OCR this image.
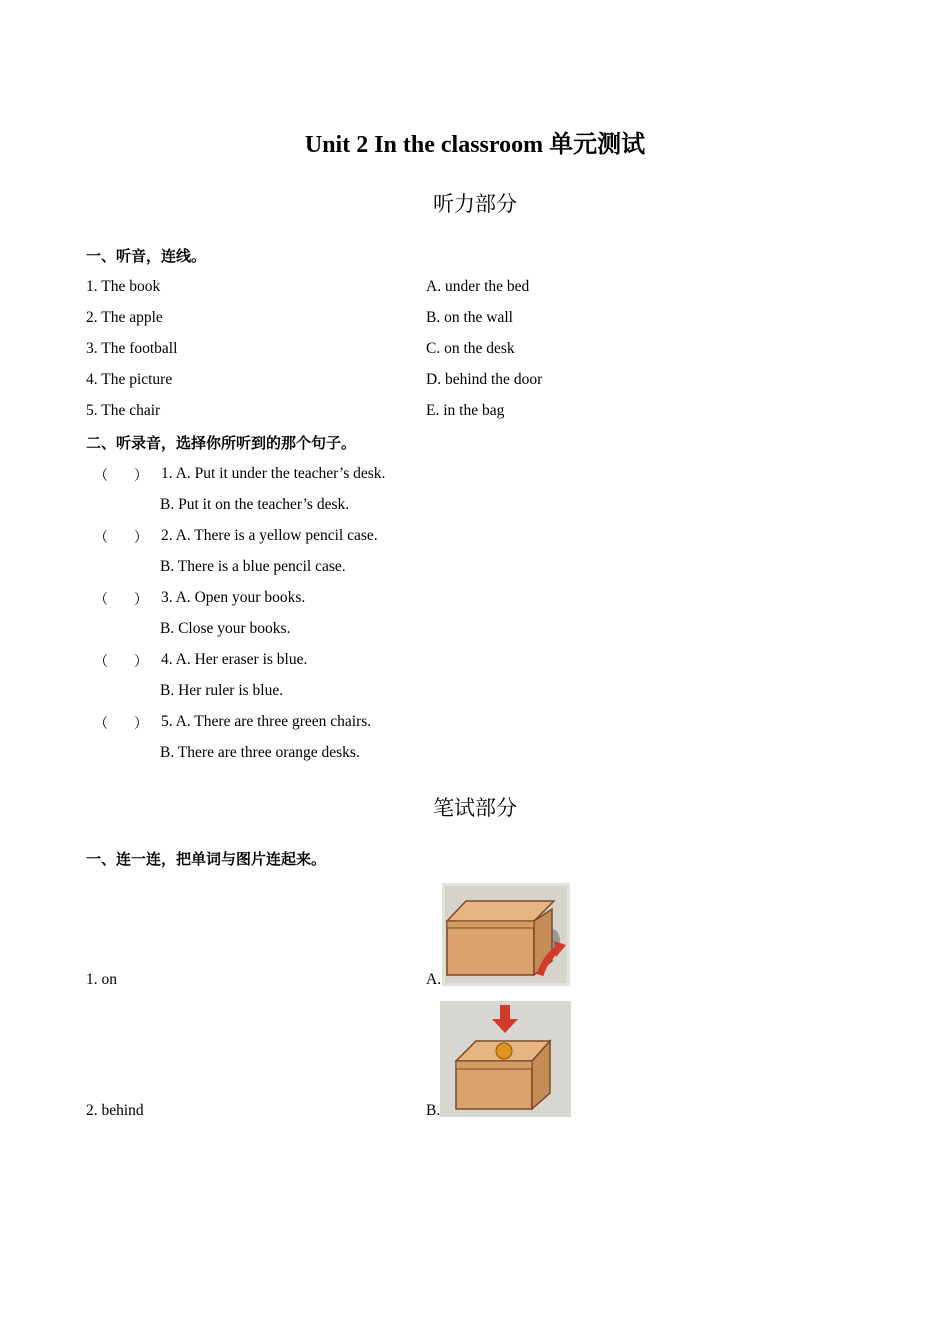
Unit 2 In the classroom 单元测试
听力部分
一、听音，连线。
1. The book
2. The apple
3. The football
4. The picture
5. The chair
A. under the bed
B. on the wall
C. on the desk
D. behind the door
E. in the bag
二、听录音，选择你所听到的那个句子。
（ ） 1. A. Put it under the teacher’s desk.
B. Put it on the teacher’s desk.
（ ） 2. A. There is a yellow pencil case.
B. There is a blue pencil case.
（ ） 3. A. Open your books.
B. Close your books.
（ ） 4. A. Her eraser is blue.
B. Her ruler is blue.
（ ） 5. A. There are three green chairs.
B. There are three orange desks.
笔试部分
一、连一连，把单词与图片连起来。
1. on	A.
2. behind	B.
